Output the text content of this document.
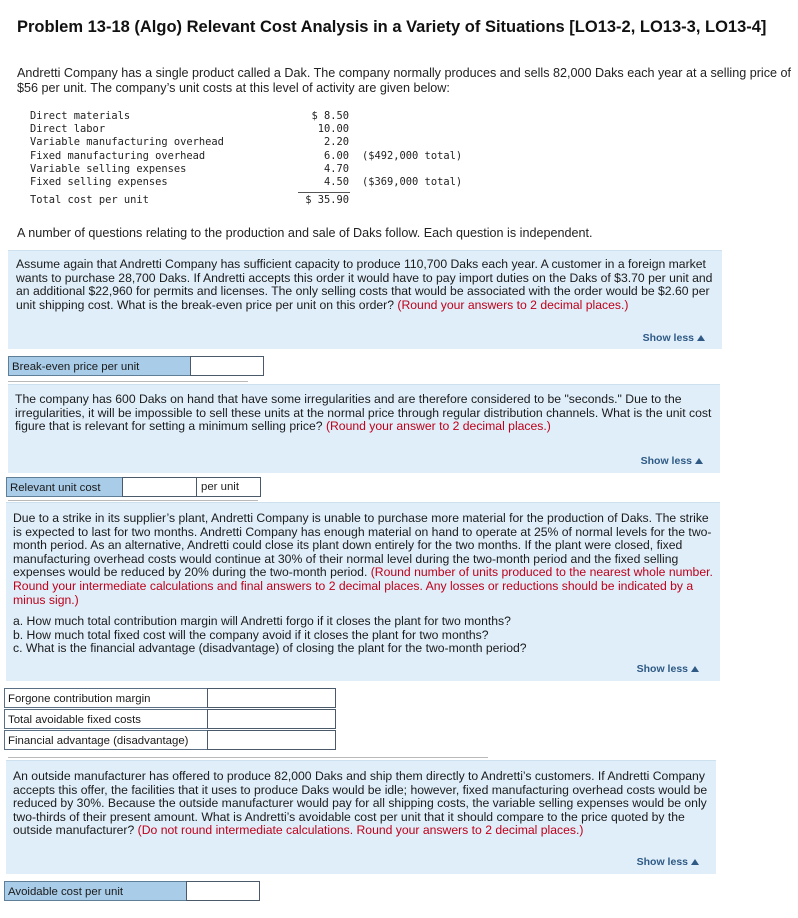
Problem 13-18 (Algo) Relevant Cost Analysis in a Variety of Situations [LO13-2, LO13-3, LO13-4]
Andretti Company has a single product called a Dak. The company normally produces and sells 82,000 Daks each year at a selling price of $56 per unit. The company’s unit costs at this level of activity are given below:
Direct materials	$ 8.50
Direct labor	10.00
Variable manufacturing overhead	2.20
Fixed manufacturing overhead	6.00 ($492,000 total)
Variable selling expenses	4.70
Fixed selling expenses	4.50 ($369,000 total)
Total cost per unit	$ 35.90
A number of questions relating to the production and sale of Daks follow. Each question is independent.
Assume again that Andretti Company has sufficient capacity to produce 110,700 Daks each year. A customer in a foreign market wants to purchase 28,700 Daks. If Andretti accepts this order it would have to pay import duties on the Daks of $3.70 per unit and an additional $22,960 for permits and licenses. The only selling costs that would be associated with the order would be $2.60 per unit shipping cost. What is the break-even price per unit on this order? (Round your answers to 2 decimal places.)
Show less
Break-even price per unit
The company has 600 Daks on hand that have some irregularities and are therefore considered to be "seconds." Due to the irregularities, it will be impossible to sell these units at the normal price through regular distribution channels. What is the unit cost figure that is relevant for setting a minimum selling price? (Round your answer to 2 decimal places.)
Show less
Relevant unit cost	per unit
Due to a strike in its supplier’s plant, Andretti Company is unable to purchase more material for the production of Daks. The strike is expected to last for two months. Andretti Company has enough material on hand to operate at 25% of normal levels for the two-month period. As an alternative, Andretti could close its plant down entirely for the two months. If the plant were closed, fixed manufacturing overhead costs would continue at 30% of their normal level during the two-month period and the fixed selling expenses would be reduced by 20% during the two-month period. (Round number of units produced to the nearest whole number. Round your intermediate calculations and final answers to 2 decimal places. Any losses or reductions should be indicated by a minus sign.)
a. How much total contribution margin will Andretti forgo if it closes the plant for two months?
b. How much total fixed cost will the company avoid if it closes the plant for two months?
c. What is the financial advantage (disadvantage) of closing the plant for the two-month period?
Show less
Forgone contribution margin
Total avoidable fixed costs
Financial advantage (disadvantage)
An outside manufacturer has offered to produce 82,000 Daks and ship them directly to Andretti’s customers. If Andretti Company accepts this offer, the facilities that it uses to produce Daks would be idle; however, fixed manufacturing overhead costs would be reduced by 30%. Because the outside manufacturer would pay for all shipping costs, the variable selling expenses would be only two-thirds of their present amount. What is Andretti’s avoidable cost per unit that it should compare to the price quoted by the outside manufacturer? (Do not round intermediate calculations. Round your answers to 2 decimal places.)
Show less
Avoidable cost per unit
